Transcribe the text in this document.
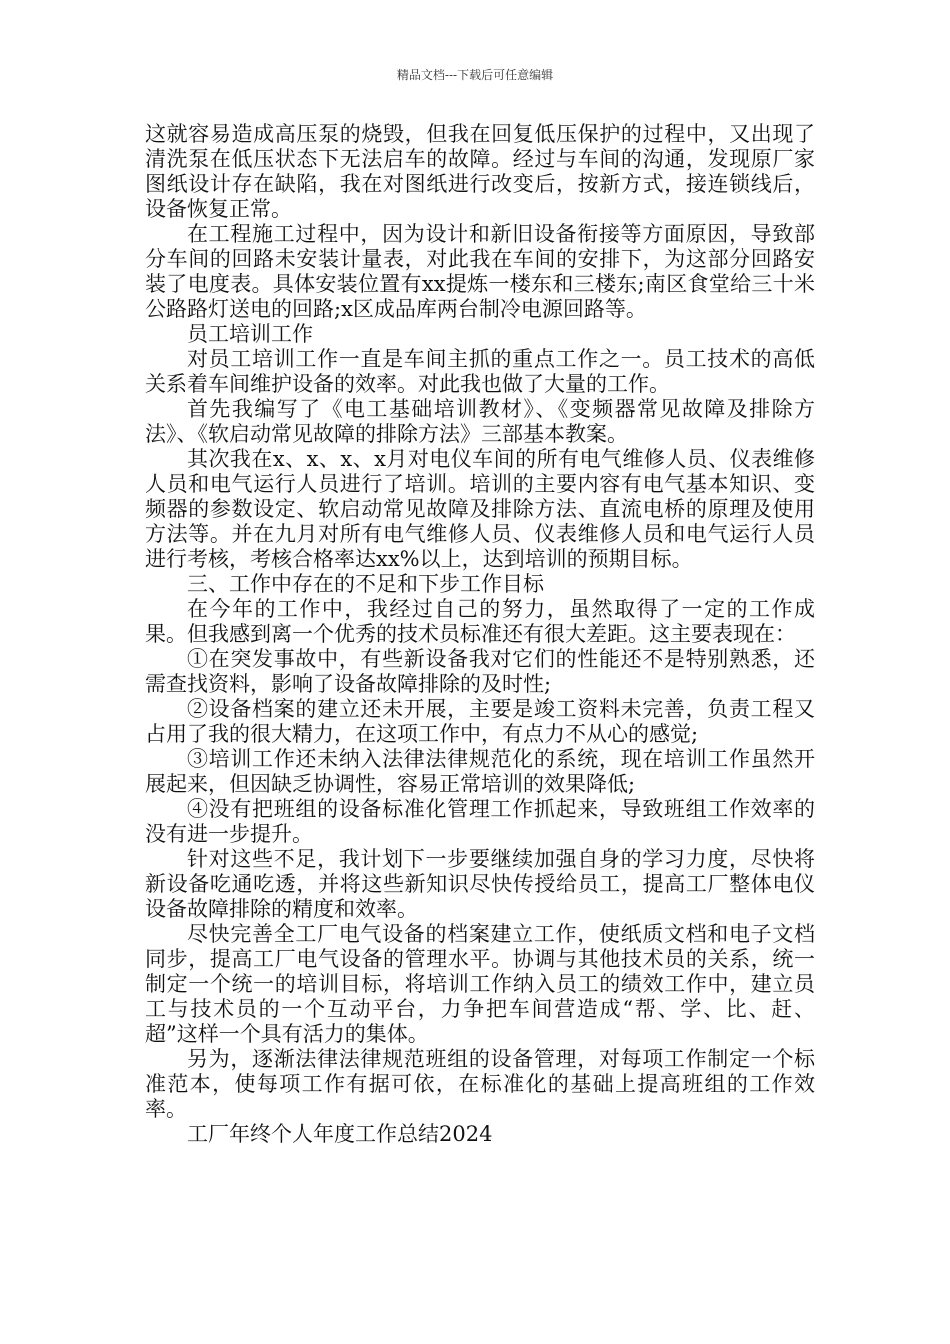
精品文档---下载后可任意编辑

这就容易造成高压泵的烧毁，但我在回复低压保护的过程中，又出现了清洗泵在低压状态下无法启车的故障。经过与车间的沟通，发现原厂家图纸设计存在缺陷，我在对图纸进行改变后，按新方式，接连锁线后，设备恢复正常。

在工程施工过程中，因为设计和新旧设备衔接等方面原因，导致部分车间的回路未安装计量表，对此我在车间的安排下，为这部分回路安装了电度表。具体安装位置有xx提炼一楼东和三楼东;南区食堂给三十米公路路灯送电的回路;x区成品库两台制冷电源回路等。

员工培训工作

对员工培训工作一直是车间主抓的重点工作之一。员工技术的高低关系着车间维护设备的效率。对此我也做了大量的工作。

首先我编写了《电工基础培训教材》、《变频器常见故障及排除方法》、《软启动常见故障的排除方法》三部基本教案。

其次我在x、x、x、x月对电仪车间的所有电气维修人员、仪表维修人员和电气运行人员进行了培训。培训的主要内容有电气基本知识、变频器的参数设定、软启动常见故障及排除方法、直流电桥的原理及使用方法等。并在九月对所有电气维修人员、仪表维修人员和电气运行人员进行考核，考核合格率达xx%以上，达到培训的预期目标。

三、工作中存在的不足和下步工作目标

在今年的工作中，我经过自己的努力，虽然取得了一定的工作成果。但我感到离一个优秀的技术员标准还有很大差距。这主要表现在：

①在突发事故中，有些新设备我对它们的性能还不是特别熟悉，还需查找资料，影响了设备故障排除的及时性;

②设备档案的建立还未开展，主要是竣工资料未完善，负责工程又占用了我的很大精力，在这项工作中，有点力不从心的感觉;

③培训工作还未纳入法律法律规范化的系统，现在培训工作虽然开展起来，但因缺乏协调性，容易正常培训的效果降低;

④没有把班组的设备标准化管理工作抓起来，导致班组工作效率的没有进一步提升。

针对这些不足，我计划下一步要继续加强自身的学习力度，尽快将新设备吃通吃透，并将这些新知识尽快传授给员工，提高工厂整体电仪设备故障排除的精度和效率。

尽快完善全工厂电气设备的档案建立工作，使纸质文档和电子文档同步，提高工厂电气设备的管理水平。协调与其他技术员的关系，统一制定一个统一的培训目标，将培训工作纳入员工的绩效工作中，建立员工与技术员的一个互动平台，力争把车间营造成“帮、学、比、赶、超”这样一个具有活力的集体。

另为，逐渐法律法律规范班组的设备管理，对每项工作制定一个标准范本，使每项工作有据可依，在标准化的基础上提高班组的工作效率。

工厂年终个人年度工作总结2024
